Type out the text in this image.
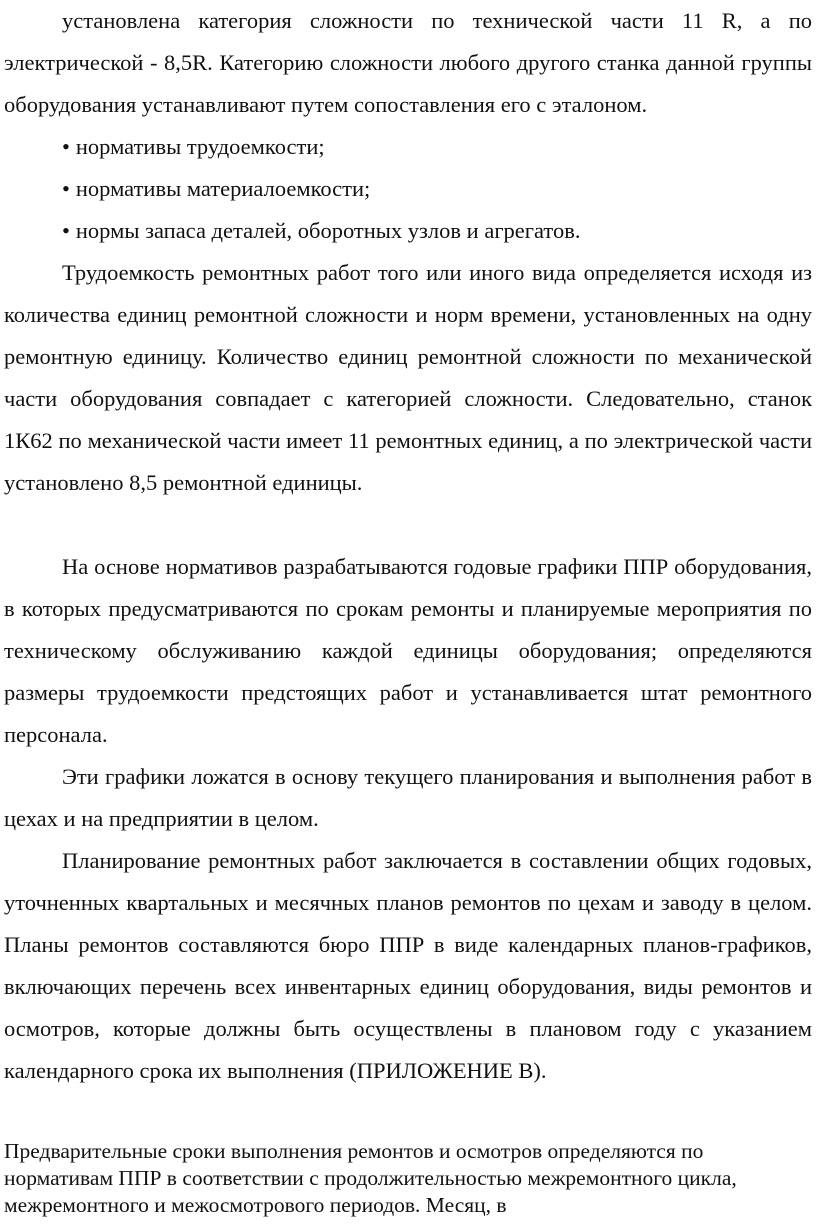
установлена категория сложности по технической части 11 R, а по электрической - 8,5R. Категорию сложности любого другого станка данной группы оборудования устанавливают путем сопоставления его с эталоном.

• нормативы трудоемкости;

• нормативы материалоемкости;

• нормы запаса деталей, оборотных узлов и агрегатов.

Трудоемкость ремонтных работ того или иного вида определяется исходя из количества единиц ремонтной сложности и норм времени, установленных на одну ремонтную единицу. Количество единиц ремонтной сложности по механической части оборудования совпадает с категорией сложности. Следовательно, станок 1К62 по механической части имеет 11 ремонтных единиц, а по электрической части установлено 8,5 ремонтной единицы.

На основе нормативов разрабатываются годовые графики ППР оборудования, в которых предусматриваются по срокам ремонты и планируемые мероприятия по техническому обслуживанию каждой единицы оборудования; определяются размеры трудоемкости предстоящих работ и устанавливается штат ремонтного персонала.

Эти графики ложатся в основу текущего планирования и выполнения работ в цехах и на предприятии в целом.

Планирование ремонтных работ заключается в составлении общих годовых, уточненных квартальных и месячных планов ремонтов по цехам и заводу в целом. Планы ремонтов составляются бюро ППР в виде календарных планов-графиков, включающих перечень всех инвентарных единиц оборудования, виды ремонтов и осмотров, которые должны быть осуществлены в плановом году с указанием календарного срока их выполнения (ПРИЛОЖЕНИЕ В).

Предварительные сроки выполнения ремонтов и осмотров определяются по нормативам ППР в соответствии с продолжительностью межремонтного цикла, межремонтного и межосмотрового периодов. Месяц, в
